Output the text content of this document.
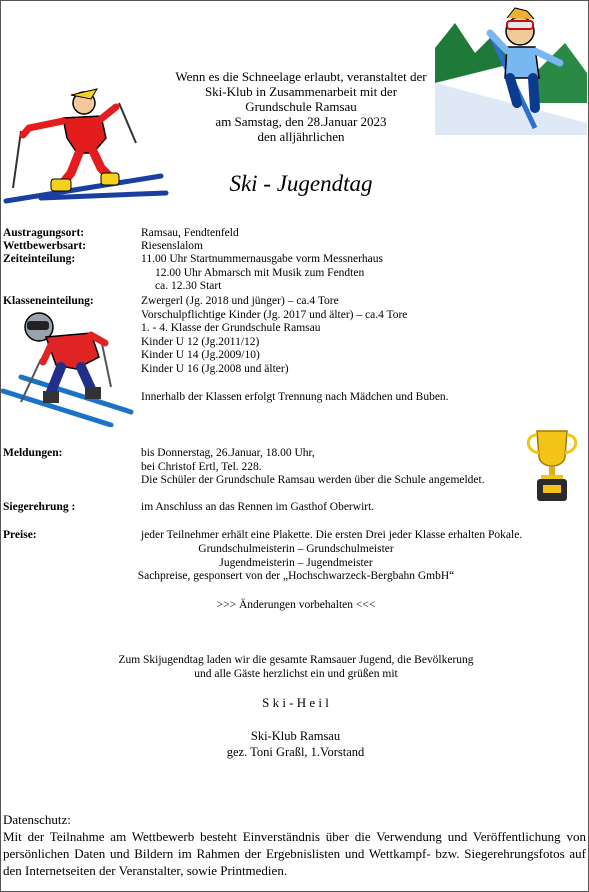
Wenn es die Schneelage erlaubt, veranstaltet der
Ski-Klub in Zusammenarbeit mit der
Grundschule Ramsau
am Samstag, den 28.Januar 2023
den alljährlichen
Ski - Jugendtag
Austragungsort:	Ramsau, Fendtenfeld
Wettbewerbsart:	Riesenslalom
Zeiteinteilung:	11.00 Uhr Startnummernausgabe vorm Messnerhaus
12.00 Uhr Abmarsch mit Musik zum Fendten
ca. 12.30 Start
Klasseneinteilung:	Zwergerl (Jg. 2018 und jünger) – ca.4 Tore
Vorschulpflichtige Kinder (Jg. 2017 und älter) – ca.4 Tore
1. - 4. Klasse der Grundschule Ramsau
Kinder U 12 (Jg.2011/12)
Kinder U 14 (Jg.2009/10)
Kinder U 16 (Jg.2008 und älter)
Innerhalb der Klassen erfolgt Trennung nach Mädchen und Buben.
Meldungen:	bis Donnerstag, 26.Januar, 18.00 Uhr,
bei Christof Ertl, Tel. 228.
Die Schüler der Grundschule Ramsau werden über die Schule angemeldet.
Siegerehrung :	im Anschluss an das Rennen im Gasthof Oberwirt.
Preise:	jeder Teilnehmer erhält eine Plakette. Die ersten Drei jeder Klasse erhalten Pokale.
Grundschulmeisterin – Grundschulmeister
Jugendmeisterin – Jugendmeister
Sachpreise, gesponsert von der „Hochschwarzeck-Bergbahn GmbH“
>>> Änderungen vorbehalten <<<
Zum Skijugendtag laden wir die gesamte Ramsauer Jugend, die Bevölkerung
und alle Gäste herzlichst ein und grüßen mit
S k i - H e i l
Ski-Klub Ramsau
gez. Toni Graßl, 1.Vorstand

Datenschutz:

Mit der Teilnahme am Wettbewerb besteht Einverständnis über die Verwendung und Veröffentlichung von persönlichen Daten und Bildern im Rahmen der Ergebnislisten und Wettkampf- bzw. Siegerehrungsfotos auf den Internetseiten der Veranstalter, sowie Printmedien.
